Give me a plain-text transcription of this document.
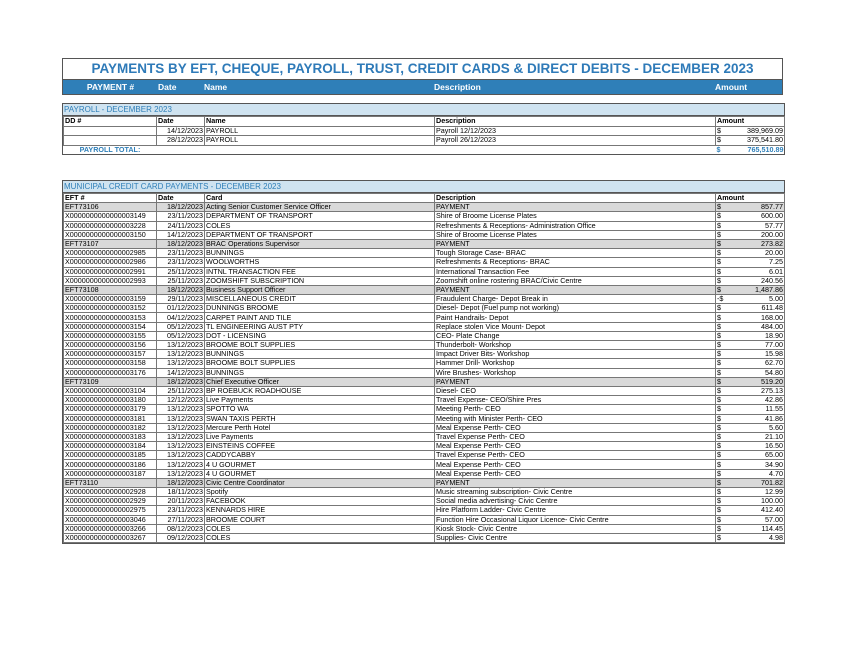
PAYMENTS BY EFT, CHEQUE, PAYROLL, TRUST, CREDIT CARDS & DIRECT DEBITS - DECEMBER 2023
PAYMENT #	Date	Name	Description	Amount
PAYROLL - DECEMBER 2023
DD #	Date	Name	Description	Amount	
	14/12/2023	PAYROLL	Payroll 12/12/2023	$	389,969.09
	28/12/2023	PAYROLL	Payroll 26/12/2023	$	375,541.80
PAYROLL TOTAL:				$	765,510.89
MUNICIPAL CREDIT CARD PAYMENTS - DECEMBER 2023
EFT #	Date	Card	Description	Amount	
EFT73106	18/12/2023	Acting Senior Customer Service Officer	PAYMENT	$	857.77
X0000000000000003149	23/11/2023	DEPARTMENT OF TRANSPORT	Shire of Broome License Plates	$	600.00
X0000000000000003228	24/11/2023	COLES	Refreshments & Receptions- Administration Office	$	57.77
X0000000000000003150	14/12/2023	DEPARTMENT OF TRANSPORT	Shire of Broome License Plates	$	200.00
EFT73107	18/12/2023	BRAC Operations Supervisor	PAYMENT	$	273.82
X0000000000000002985	23/11/2023	BUNNINGS	Tough Storage Case- BRAC	$	20.00
X0000000000000002986	23/11/2023	WOOLWORTHS	Refreshments & Receptions- BRAC	$	7.25
X0000000000000002991	25/11/2023	INTNL TRANSACTION FEE	International Transaction Fee	$	6.01
X0000000000000002993	25/11/2023	ZOOMSHIFT SUBSCRIPTION	Zoomshift online rostering BRAC/Civic Centre	$	240.56
EFT73108	18/12/2023	Business Support Officer	PAYMENT	$	1,487.86
X0000000000000003159	29/11/2023	MISCELLANEOUS CREDIT	Fraudulent Charge- Depot Break in	-$	5.00
X0000000000000003152	01/12/2023	DUNNINGS BROOME	Diesel- Depot (Fuel pump not working)	$	611.48
X0000000000000003153	04/12/2023	CARPET PAINT AND TILE	Paint Handrails- Depot	$	168.00
X0000000000000003154	05/12/2023	TL ENGINEERING AUST PTY	Replace stolen Vice Mount- Depot	$	484.00
X0000000000000003155	05/12/2023	DOT - LICENSING	CEO- Plate Change	$	18.90
X0000000000000003156	13/12/2023	BROOME BOLT SUPPLIES	Thunderbolt- Workshop	$	77.00
X0000000000000003157	13/12/2023	BUNNINGS	Impact Driver Bits- Workshop	$	15.98
X0000000000000003158	13/12/2023	BROOME BOLT SUPPLIES	Hammer Drill- Workshop	$	62.70
X0000000000000003176	14/12/2023	BUNNINGS	Wire Brushes- Workshop	$	54.80
EFT73109	18/12/2023	Chief Executive Officer	PAYMENT	$	519.20
X0000000000000003104	25/11/2023	BP ROEBUCK ROADHOUSE	Diesel- CEO	$	275.13
X0000000000000003180	12/12/2023	Live Payments	Travel Expense- CEO/Shire Pres	$	42.86
X0000000000000003179	13/12/2023	SPOTTO WA	Meeting Perth- CEO	$	11.55
X0000000000000003181	13/12/2023	SWAN TAXIS PERTH	Meeting with Minister Perth- CEO	$	41.86
X0000000000000003182	13/12/2023	Mercure Perth Hotel	Meal Expense Perth- CEO	$	5.60
X0000000000000003183	13/12/2023	Live Payments	Travel Expense Perth- CEO	$	21.10
X0000000000000003184	13/12/2023	EINSTEINS COFFEE	Meal Expense Perth- CEO	$	16.50
X0000000000000003185	13/12/2023	CADDYCABBY	Travel Expense Perth- CEO	$	65.00
X0000000000000003186	13/12/2023	4 U GOURMET	Meal Expense Perth- CEO	$	34.90
X0000000000000003187	13/12/2023	4 U GOURMET	Meal Expense Perth- CEO	$	4.70
EFT73110	18/12/2023	Civic Centre Coordinator	PAYMENT	$	701.82
X0000000000000002928	18/11/2023	Spotify	Music streaming subscription- Civic Centre	$	12.99
X0000000000000002929	20/11/2023	FACEBOOK	Social media advertising- Civic Centre	$	100.00
X0000000000000002975	23/11/2023	KENNARDS HIRE	Hire Platform Ladder- Civic Centre	$	412.40
X0000000000000003046	27/11/2023	BROOME COURT	Function Hire Occasional Liquor Licence- Civic Centre	$	57.00
X0000000000000003266	08/12/2023	COLES	Kiosk Stock- Civic Centre	$	114.45
X0000000000000003267	09/12/2023	COLES	Supplies- Civic Centre	$	4.98
